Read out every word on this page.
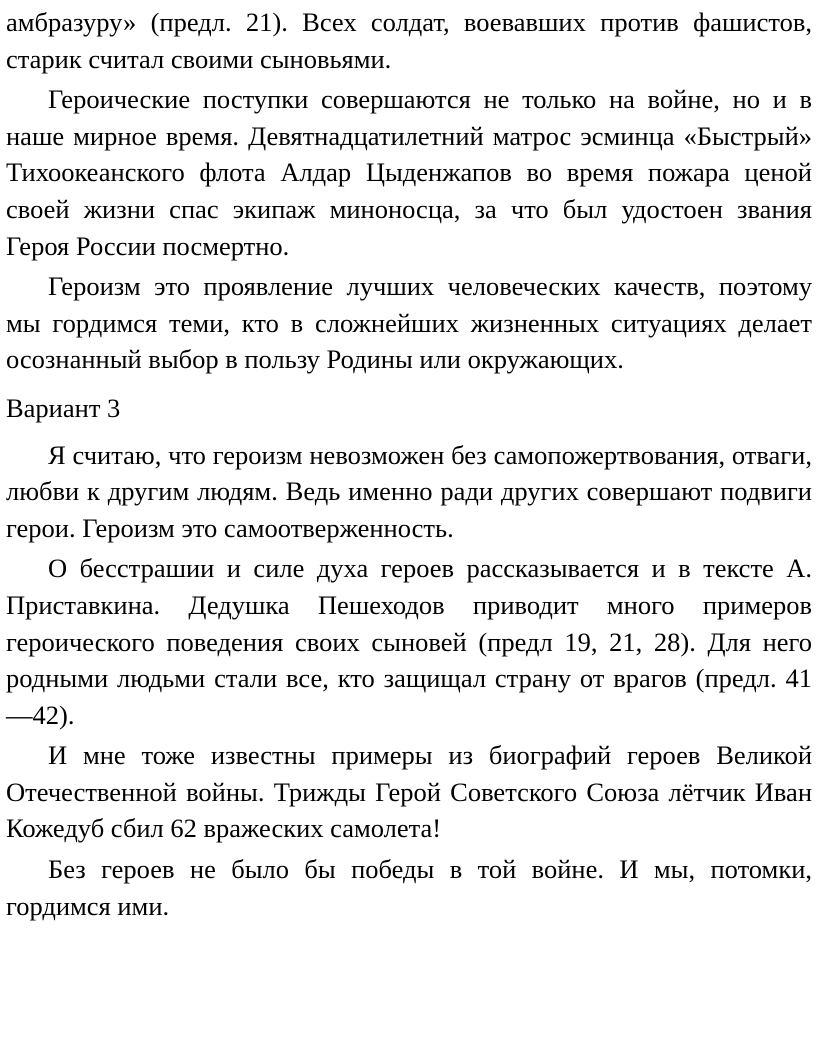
амбразуру» (предл. 21). Всех солдат, воевавших против фашистов, старик считал своими сыновьями.

Героические поступки совершаются не только на войне, но и в наше мирное время. Девятнадцатилетний матрос эсминца «Быстрый» Тихоокеанского флота Алдар Цыденжапов во время пожара ценой своей жизни спас экипаж миноносца, за что был удостоен звания Героя России посмертно.

Героизм это проявление лучших человеческих качеств, поэтому мы гордимся теми, кто в сложнейших жизненных ситуациях делает осознанный выбор в пользу Родины или окружающих.

Вариант 3

Я считаю, что героизм невозможен без самопожертвования, отваги, любви к другим людям. Ведь именно ради других совершают подвиги герои. Героизм это самоотверженность.

О бесстрашии и силе духа героев рассказывается и в тексте А. Приставкина. Дедушка Пешеходов приводит много примеров героического поведения своих сыновей (предл 19, 21, 28). Для него родными людьми стали все, кто защищал страну от врагов (предл. 41—42).

И мне тоже известны примеры из биографий героев Великой Отечественной войны. Трижды Герой Советского Союза лётчик Иван Кожедуб сбил 62 вражеских самолета!

Без героев не было бы победы в той войне. И мы, потомки, гордимся ими.
